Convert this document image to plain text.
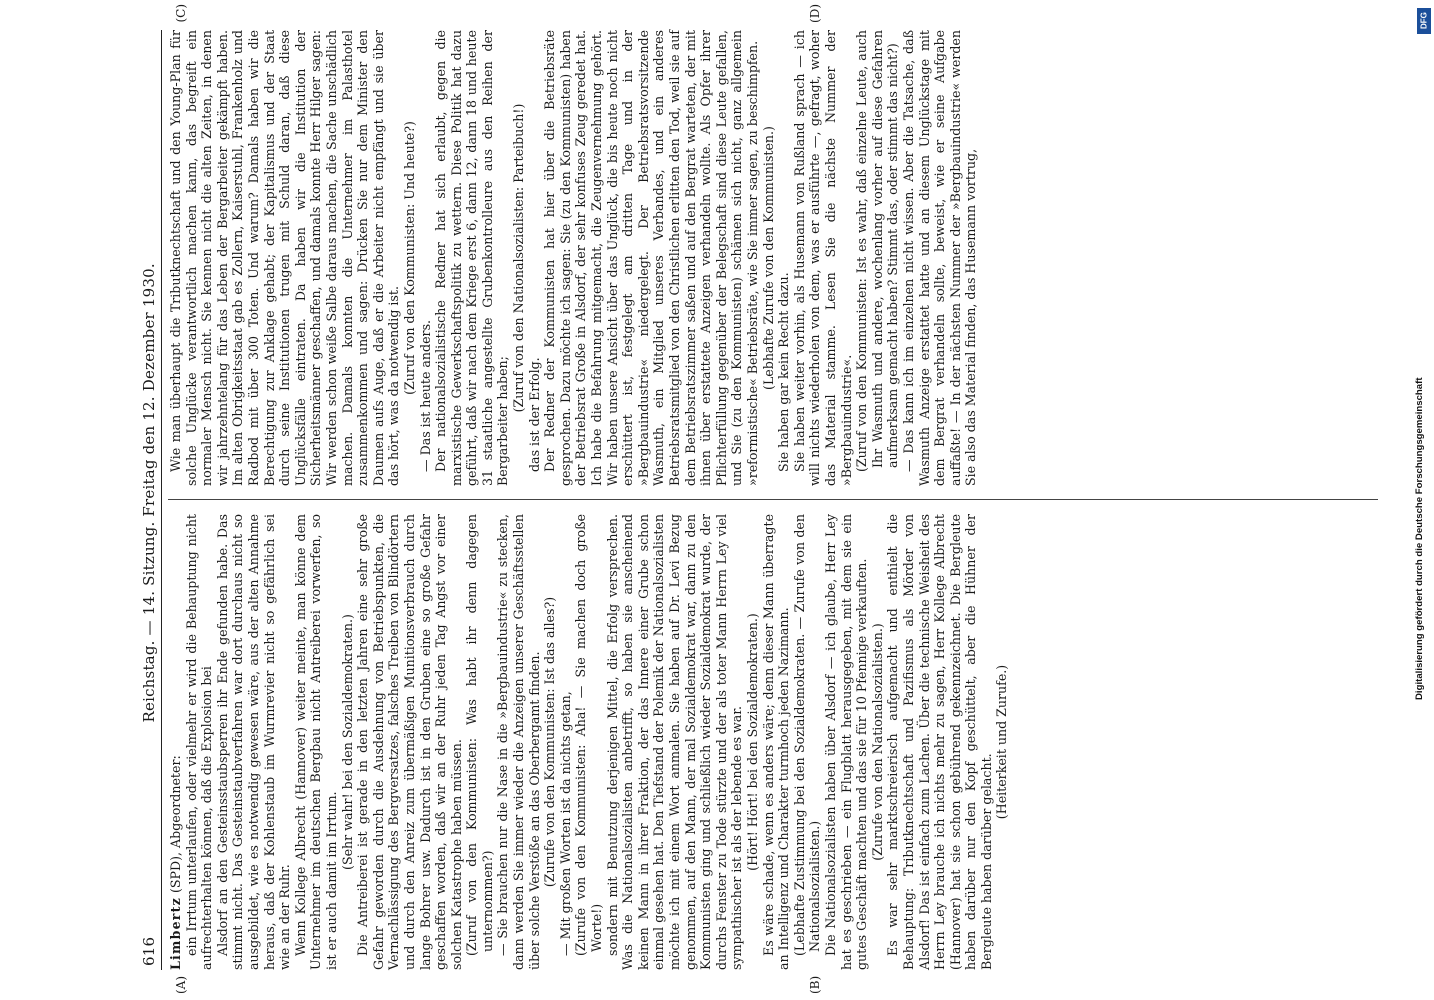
616
Reichstag. — 14. Sitzung. Freitag den 12. Dezember 1930.

Limbertz (SPD), Abgeordneter: ein Irrtum unterlaufen, oder vielmehr er wird die Behauptung nicht aufrechterhalten können, daß die Explosion bei Alsdorf an den Gesteinsstaubsperren ihr Ende gefunden habe. Das stimmt nicht. Das Gesteinstaubverfahren war dort durchaus nicht so ausgebildet, wie es notwendig gewesen wäre, aus der alten Annahme heraus, daß der Kohlenstaub im Wurmrevier nicht so gefährlich sei wie an der Ruhr. Wenn Kollege Albrecht (Hannover) weiter meinte, man könne dem Unternehmer im deutschen Bergbau nicht Antreiberei vorwerfen, so ist er auch damit im Irrtum.

(Sehr wahr! bei den Sozialdemokraten.) Die Antreiberei ist gerade in den letzten Jahren eine sehr große Gefahr geworden durch die Ausdehnung von Betriebspunkten, die Vernachlässigung des Bergversatzes, falsches Treiben von Blindörtern und durch den Anreiz zum übermäßigen Munitionsverbrauch durch lange Bohrer usw. Dadurch ist in den Gruben eine so große Gefahr geschaffen worden, daß wir an der Ruhr jeden Tag Angst vor einer solchen Katastrophe haben müssen. (Zuruf von den Kommunisten: Was habt ihr denn dagegen unternommen?) — Sie brauchen nur die Nase in die »Bergbauindustrie« zu stecken, dann werden Sie immer wieder die Anzeigen unserer Geschäftsstellen über solche Verstöße an das Oberbergamt finden. (Zurufe von den Kommunisten: Ist das alles?) — Mit großen Worten ist da nichts getan, (Zurufe von den Kommunisten: Aha! — Sie machen doch große Worte!) sondern mit Benutzung derjenigen Mittel, die Erfolg versprechen. Was die Nationalsozialisten anbetrifft, so haben sie anscheinend keinen Mann in ihrer Fraktion, der das Innere einer Grube schon einmal gesehen hat. Den Tiefstand der Polemik der Nationalsozialisten möchte ich mit einem Wort anmalen. Sie haben auf Dr. Levi Bezug genommen, auf den Mann, der mal Sozialdemokrat war, dann zu den Kommunisten ging und schließlich wieder Sozialdemokrat wurde, der durchs Fenster zu Tode stürzte und der als toter Mann Herrn Ley viel sympathischer ist als der lebende es war. (Hört! Hört! bei den Sozialdemokraten.) Es wäre schade, wenn es anders wäre; denn dieser Mann überragte an Intelligenz und Charakter turmhoch jeden Nazimann. (Lebhafte Zustimmung bei den Sozialdemokraten. — Zurufe von den Nationalsozialisten.) Die Nationalsozialisten haben über Alsdorf — ich glaube, Herr Ley hat es geschrieben — ein Flugblatt herausgegeben, mit dem sie ein gutes Geschäft machten und das sie für 10 Pfennige verkauften. (Zurufe von den Nationalsozialisten.) Es war sehr marktschreierisch aufgemacht und enthielt die Behauptung: Tributknechtschaft und Pazifismus als Mörder von Alsdorf! Das ist einfach zum Lachen. Über die technische Weisheit des Herrn Ley brauche ich nichts mehr zu sagen, Herr Kollege Albrecht (Hannover) hat sie schon gebührend gekennzeichnet. Die Bergleute haben darüber nur den Kopf geschüttelt, aber die Hühner der Bergleute haben darüber gelacht.

(Heiterkeit und Zurufe.)

Wie man überhaupt die Tributknechtschaft und den Young-Plan für solche Unglücke verantwortlich machen kann, das begreift ein normaler Mensch nicht. Sie kennen nicht die alten Zeiten, in denen wir jahrzehntelang für das Leben der Bergarbeiter gekämpft haben. Im alten Obrigkeitsstaat gab es Zollern, Kaiserstuhl, Frankenholz und Radbod mit über 300 Toten. Und warum? Damals haben wir die Berechtigung zur Anklage gehabt; der Kapitalismus und der Staat durch seine Institutionen trugen mit Schuld daran, daß diese Unglücksfälle eintraten. Da haben wir die Institution der Sicherheitsmänner geschaffen, und damals konnte Herr Hilger sagen: Wir werden schon weiße Salbe daraus machen, die Sache unschädlich machen. Damals konnten die Unternehmer im Palasthotel zusammenkommen und sagen: Drücken Sie nur dem Minister den Daumen aufs Auge, daß er die Arbeiter nicht empfängt und sie über das hört, was da notwendig ist. (Zuruf von den Kommunisten: Und heute?)

— Das ist heute anders. Der nationalsozialistische Redner hat sich erlaubt, gegen die marxistische Gewerkschaftspolitik zu wettern. Diese Politik hat dazu geführt, daß wir nach dem Kriege erst 6, dann 12, dann 18 und heute 31 staatliche angestellte Grubenkontrolleure aus den Reihen der Bergarbeiter haben;

(Zuruf von den Nationalsozialisten: Parteibuch!)

das ist der Erfolg. Der Redner der Kommunisten hat hier über die Betriebsräte gesprochen. Dazu möchte ich sagen: Sie (zu den Kommunisten) haben der Betriebsrat Große in Alsdorf, der sehr konfuses Zeug geredet hat. Ich habe die Befahrung mitgemacht, die Zeugenvernehmung gehört. Wir haben unsere Ansicht über das Unglück, die bis heute noch nicht erschüttert ist, festgelegt am dritten Tage und in der »Bergbauindustrie« niedergelegt. Der Betriebsratsvorsitzende Wasmuth, ein Mitglied unseres Verbandes, und ein anderes Betriebsratsmitglied von den Christlichen erlitten den Tod, weil sie auf dem Betriebsratszimmer saßen und auf den Bergrat warteten, der mit ihnen über erstattete Anzeigen verhandeln wollte. Als Opfer ihrer Pflichterfüllung gegenüber der Belegschaft sind diese Leute gefallen, und Sie (zu den Kommunisten) schämen sich nicht, ganz allgemein »reformistische« Betriebsräte, wie Sie immer sagen, zu beschimpfen. (Lebhafte Zurufe von den Kommunisten.) Sie haben gar kein Recht dazu. Sie haben weiter vorhin, als Husemann von Rußland sprach — ich will nichts wiederholen von dem, was er ausführte —, gefragt, woher das Material stamme. Lesen Sie die nächste Nummer der »Bergbauindustrie«. (Zuruf von den Kommunisten: Ist es wahr, daß einzelne Leute, auch Ihr Wasmuth und andere, wochenlang vorher auf diese Gefahren aufmerksam gemacht haben? Stimmt das, oder stimmt das nicht?) — Das kann ich im einzelnen nicht wissen. Aber die Tatsache, daß Wasmuth Anzeige erstattet hatte und an diesem Unglückstage mit dem Bergrat verhandeln sollte, beweist, wie er seine Aufgabe auffaßte! — In der nächsten Nummer der »Bergbauindustrie« werden Sie also das Material finden, das Husemann vortrug,

(A)	(B)
(C)	(D)	DFG
Digitalisierung gefördert durch die Deutsche Forschungsgemeinschaft
